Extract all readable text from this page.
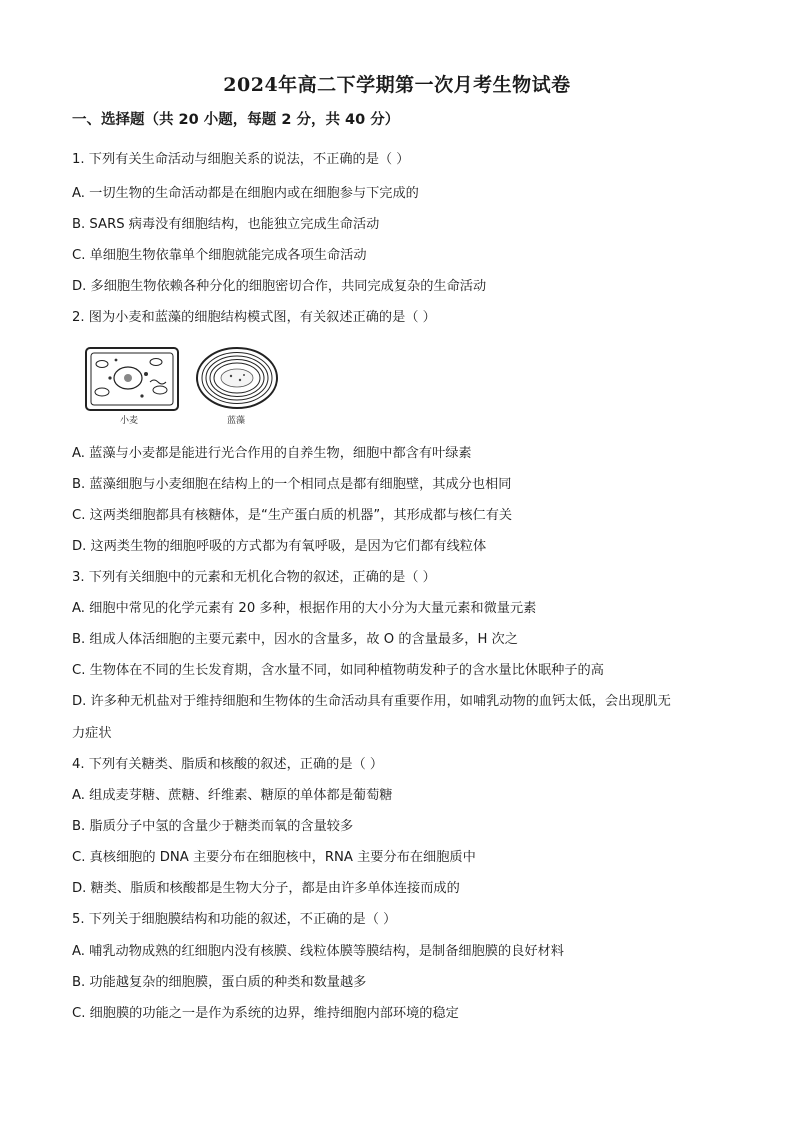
2024年高二下学期第一次月考生物试卷
一、选择题（共 20 小题，每题 2 分，共 40 分）
1. 下列有关生命活动与细胞关系的说法，不正确的是（ ）
A. 一切生物的生命活动都是在细胞内或在细胞参与下完成的
B. SARS 病毒没有细胞结构，也能独立完成生命活动
C. 单细胞生物依靠单个细胞就能完成各项生命活动
D. 多细胞生物依赖各种分化的细胞密切合作，共同完成复杂的生命活动
2. 图为小麦和蓝藻的细胞结构模式图，有关叙述正确的是（ ）
小麦	蓝藻
A. 蓝藻与小麦都是能进行光合作用的自养生物，细胞中都含有叶绿素
B. 蓝藻细胞与小麦细胞在结构上的一个相同点是都有细胞壁，其成分也相同
C. 这两类细胞都具有核糖体，是“生产蛋白质的机器”，其形成都与核仁有关
D. 这两类生物的细胞呼吸的方式都为有氧呼吸，是因为它们都有线粒体
3. 下列有关细胞中的元素和无机化合物的叙述，正确的是（ ）
A. 细胞中常见的化学元素有 20 多种，根据作用的大小分为大量元素和微量元素
B. 组成人体活细胞的主要元素中，因水的含量多，故 O 的含量最多，H 次之
C. 生物体在不同的生长发育期，含水量不同，如同种植物萌发种子的含水量比休眠种子的高
D. 许多种无机盐对于维持细胞和生物体的生命活动具有重要作用，如哺乳动物的血钙太低，会出现肌无
力症状
4. 下列有关糖类、脂质和核酸的叙述，正确的是（ ）
A. 组成麦芽糖、蔗糖、纤维素、糖原的单体都是葡萄糖
B. 脂质分子中氢的含量少于糖类而氧的含量较多
C. 真核细胞的 DNA 主要分布在细胞核中，RNA 主要分布在细胞质中
D. 糖类、脂质和核酸都是生物大分子，都是由许多单体连接而成的
5. 下列关于细胞膜结构和功能的叙述，不正确的是（ ）
A. 哺乳动物成熟的红细胞内没有核膜、线粒体膜等膜结构，是制备细胞膜的良好材料
B. 功能越复杂的细胞膜，蛋白质的种类和数量越多
C. 细胞膜的功能之一是作为系统的边界，维持细胞内部环境的稳定
